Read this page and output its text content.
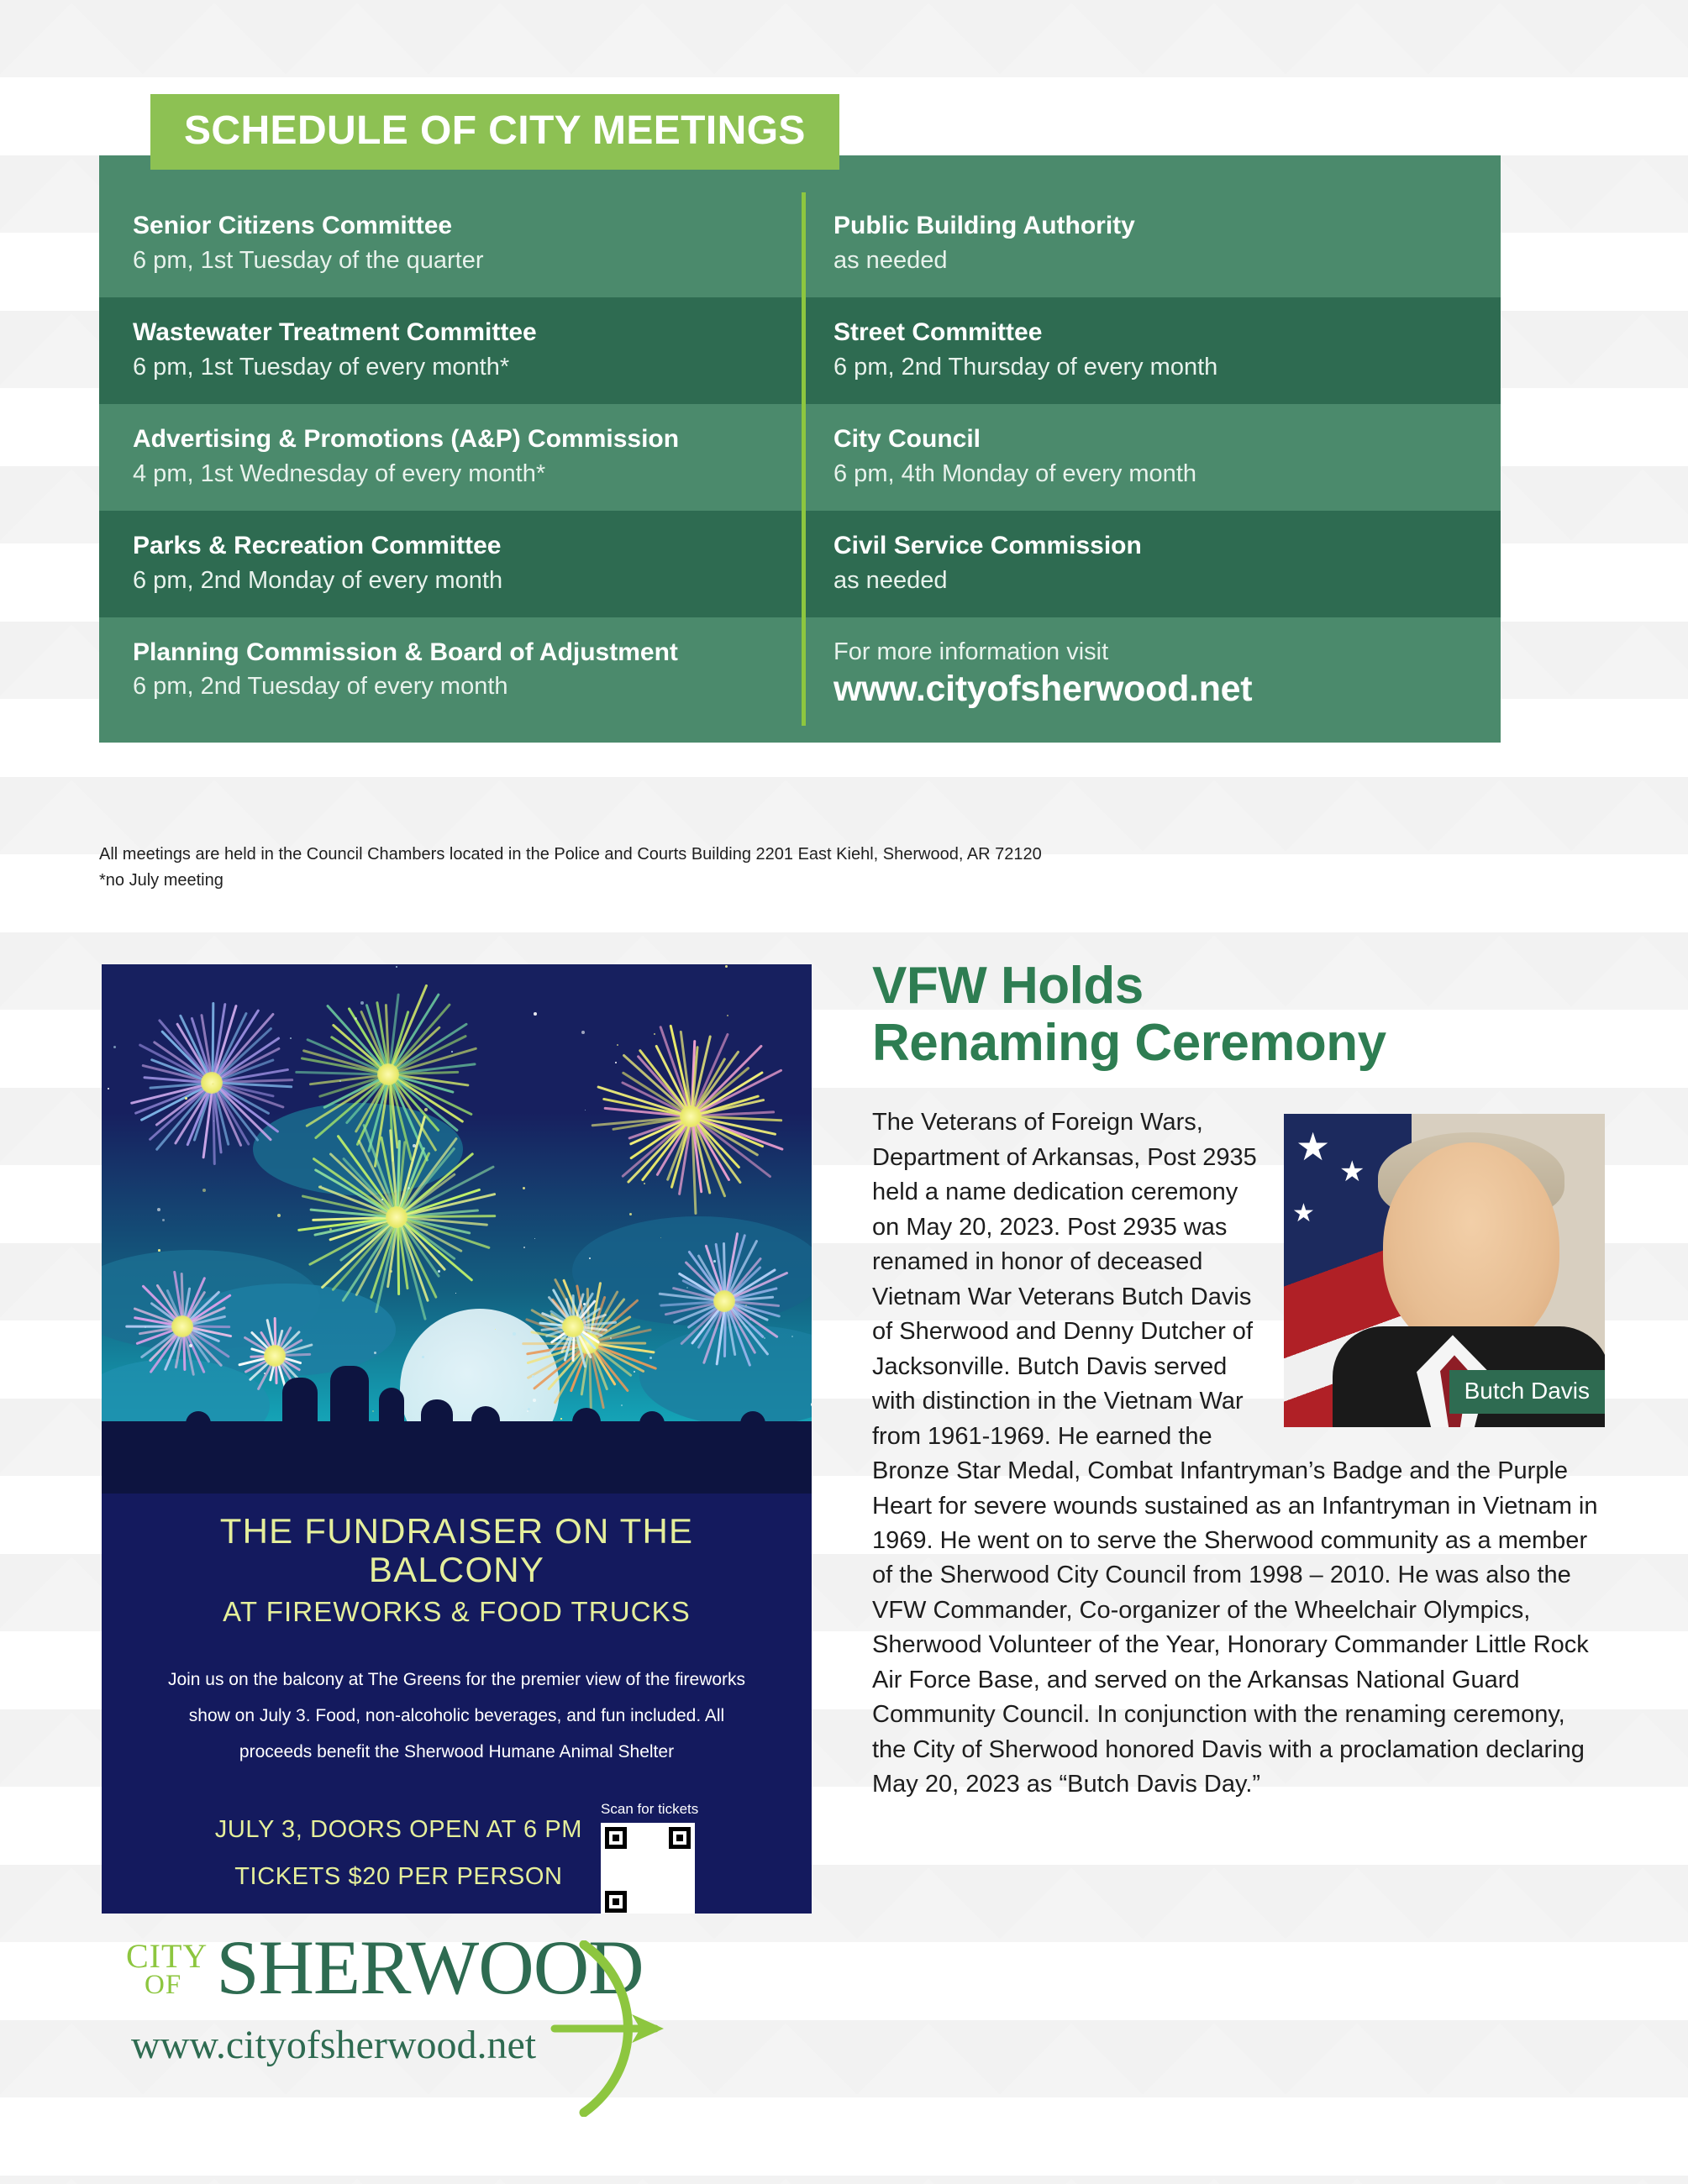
SCHEDULE OF CITY MEETINGS
Senior Citizens Committee
6 pm, 1st Tuesday of the quarter
Public Building Authority
as needed
Wastewater Treatment Committee
6 pm, 1st Tuesday of every month*
Street Committee
6 pm, 2nd Thursday of every month
Advertising & Promotions (A&P) Commission
4 pm, 1st Wednesday of every month*
City Council
6 pm, 4th Monday of every month
Parks & Recreation Committee
6 pm, 2nd Monday of every month
Civil Service Commission
as needed
Planning Commission & Board of Adjustment
6 pm, 2nd Tuesday of every month
For more information visit
www.cityofsherwood.net
All meetings are held in the Council Chambers located in the Police and Courts Building 2201 East Kiehl, Sherwood, AR 72120
*no July meeting
THE FUNDRAISER ON THE BALCONY
AT FIREWORKS & FOOD TRUCKS
Join us on the balcony at The Greens for the premier view of the fireworks show on July 3. Food, non-alcoholic beverages, and fun included. All proceeds benefit the Sherwood Humane Animal Shelter
JULY 3, DOORS OPEN AT 6 PM
TICKETS $20 PER PERSON
Scan for tickets
CITY
OF SHERWOOD
www.cityofsherwood.net
VFW Holds
Renaming Ceremony
★
★
★
Butch Davis
The Veterans of Foreign Wars, Department of Arkansas, Post 2935 held a name dedication ceremony on May 20, 2023. Post 2935 was renamed in honor of deceased Vietnam War Veterans Butch Davis of Sherwood and Denny Dutcher of Jacksonville. Butch Davis served with distinction in the Vietnam War from 1961-1969. He earned the Bronze Star Medal, Combat Infantryman’s Badge and the Purple Heart for severe wounds sustained as an Infantryman in Vietnam in 1969. He went on to serve the Sherwood community as a member of the Sherwood City Council from 1998 – 2010. He was also the VFW Commander, Co-organizer of the Wheelchair Olympics, Sherwood Volunteer of the Year, Honorary Commander Little Rock Air Force Base, and served on the Arkansas National Guard Community Council. In conjunction with the renaming ceremony, the City of Sherwood honored Davis with a proclamation declaring May 20, 2023 as “Butch Davis Day.”
